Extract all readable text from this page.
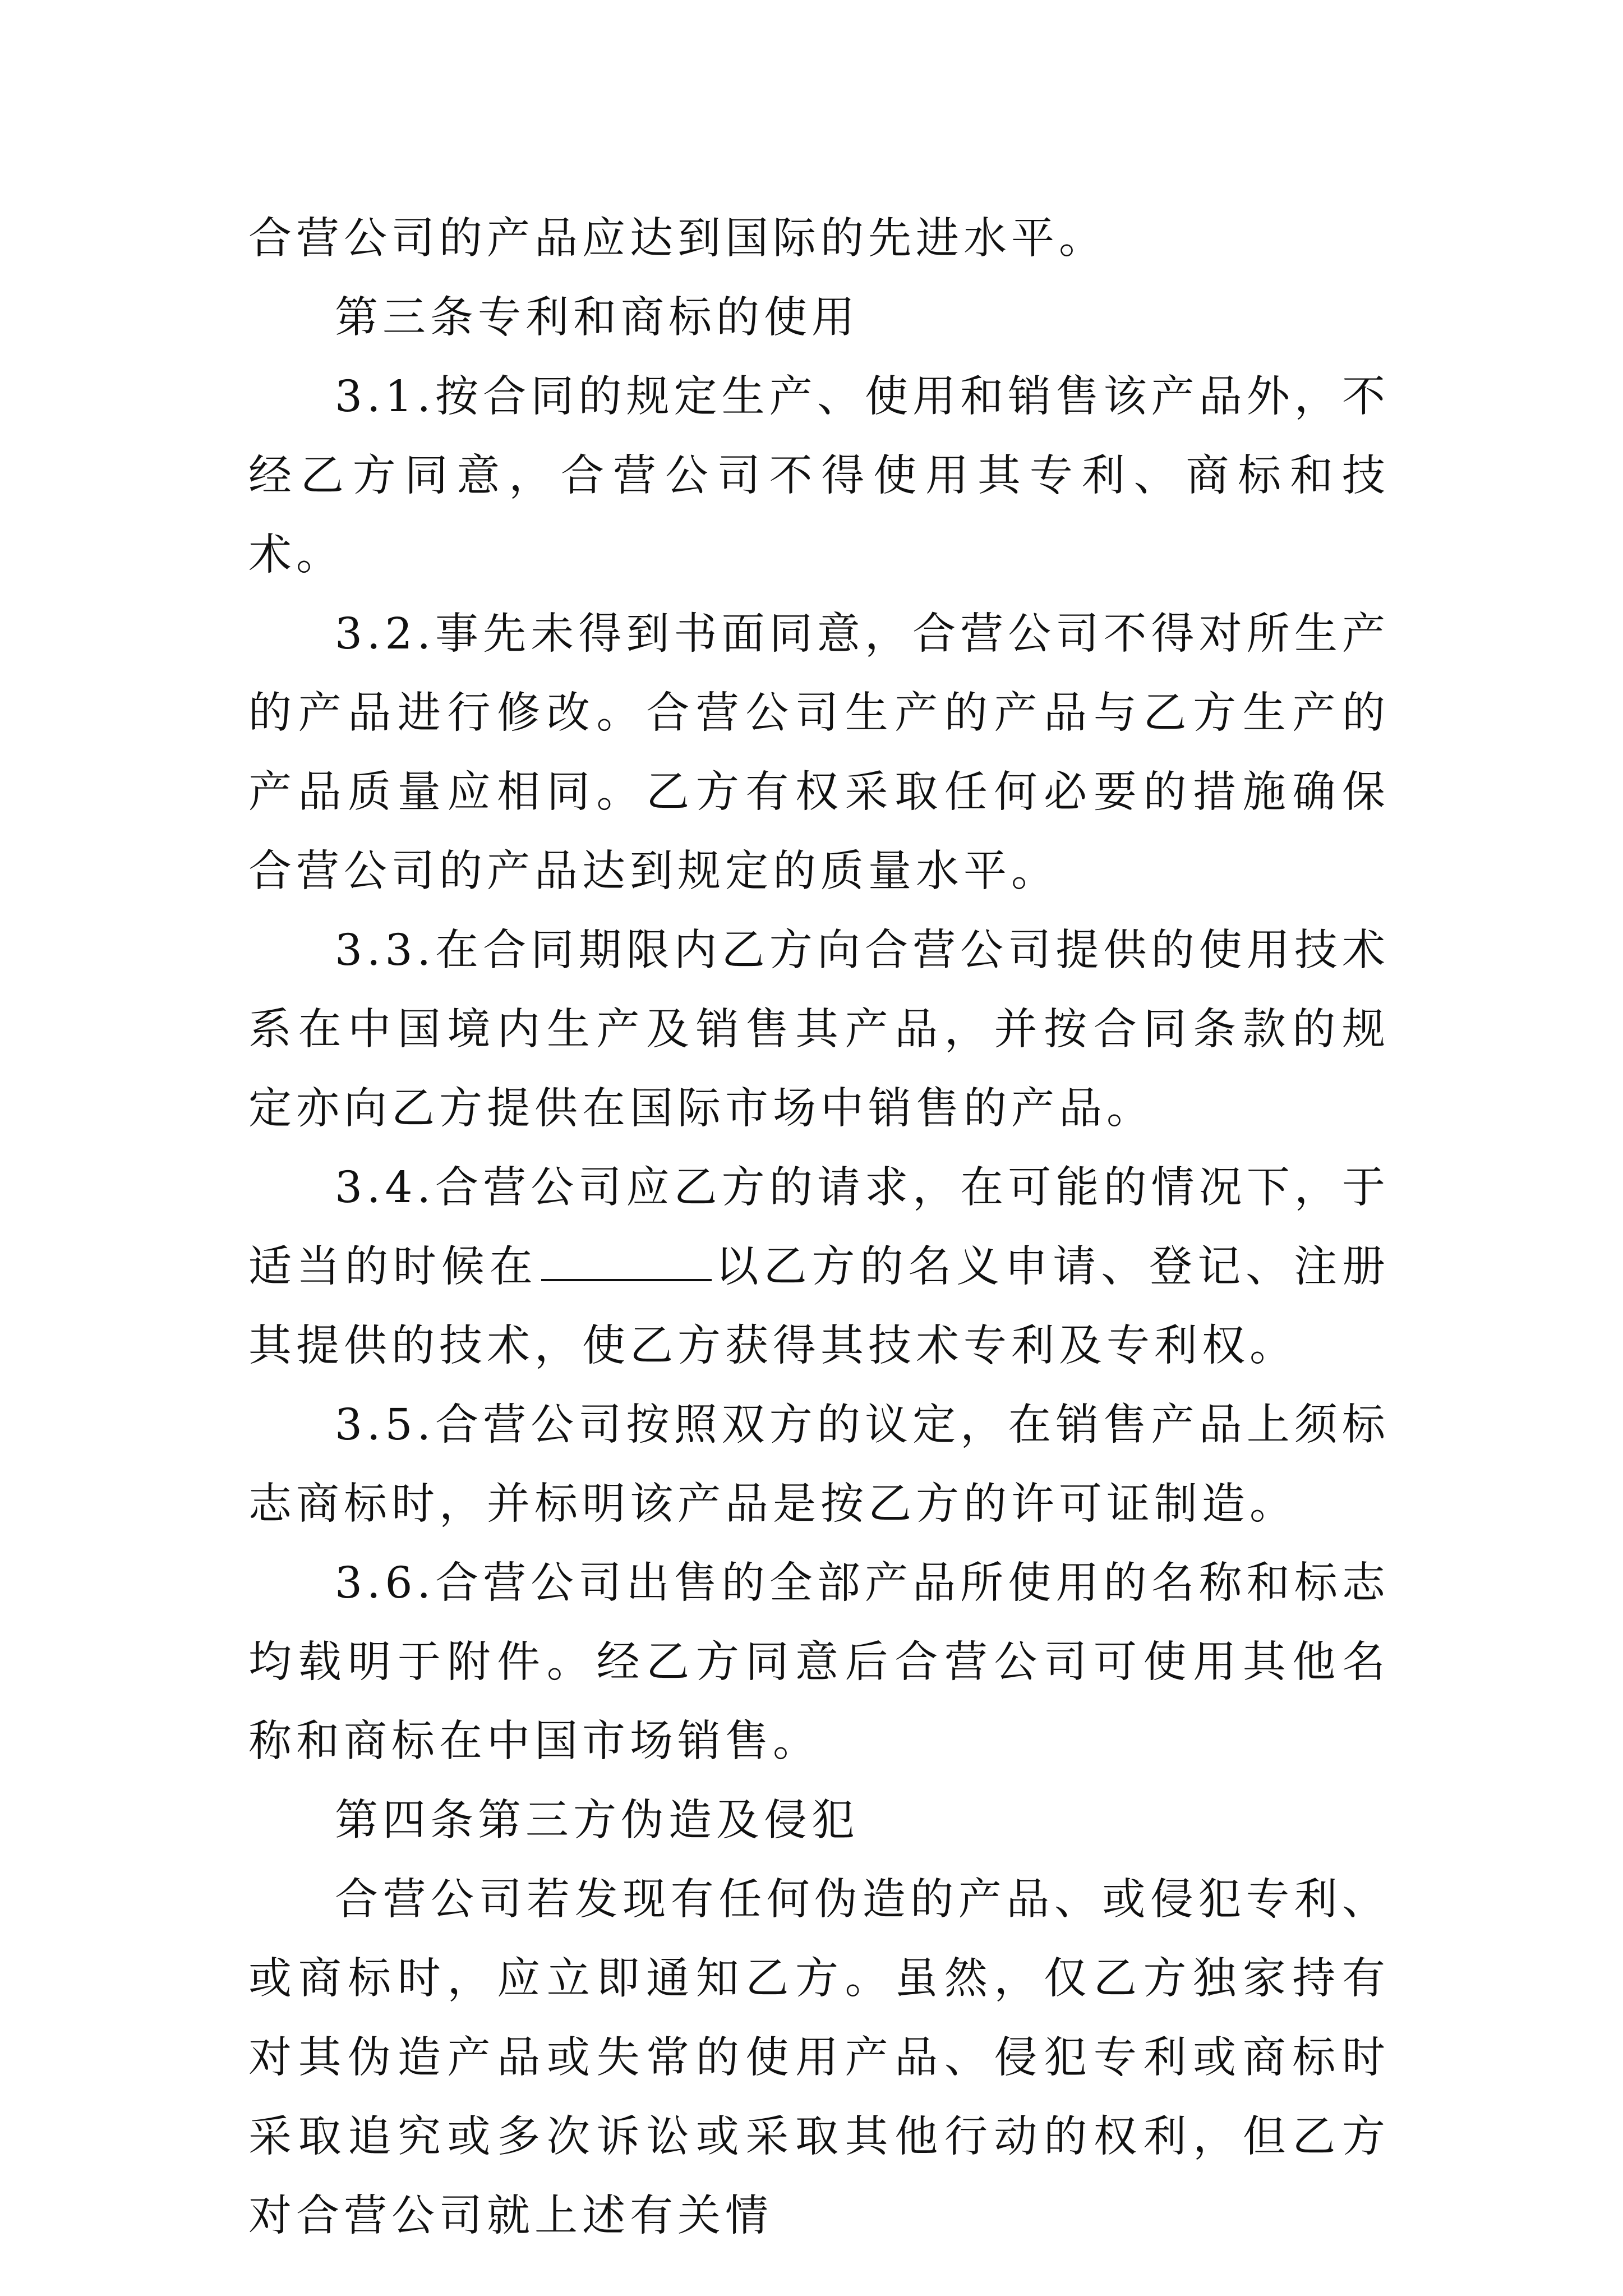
合营公司的产品应达到国际的先进水平。

第三条专利和商标的使用

3.1.按合同的规定生产、使用和销售该产品外，不经乙方同意，合营公司不得使用其专利、商标和技术。

3.2.事先未得到书面同意，合营公司不得对所生产的产品进行修改。合营公司生产的产品与乙方生产的产品质量应相同。乙方有权采取任何必要的措施确保合营公司的产品达到规定的质量水平。

3.3.在合同期限内乙方向合营公司提供的使用技术系在中国境内生产及销售其产品，并按合同条款的规定亦向乙方提供在国际市场中销售的产品。

3.4.合营公司应乙方的请求，在可能的情况下，于适当的时候在	以乙方的名义申请、登记、注册其提供的技术，使乙方获得其技术专利及专利权。

3.5.合营公司按照双方的议定，在销售产品上须标志商标时，并标明该产品是按乙方的许可证制造。

3.6.合营公司出售的全部产品所使用的名称和标志均载明于附件。经乙方同意后合营公司可使用其他名称和商标在中国市场销售。

第四条第三方伪造及侵犯

合营公司若发现有任何伪造的产品、或侵犯专利、或商标时，应立即通知乙方。虽然，仅乙方独家持有对其伪造产品或失常的使用产品、侵犯专利或商标时采取追究或多次诉讼或采取其他行动的权利，但乙方对合营公司就上述有关情
